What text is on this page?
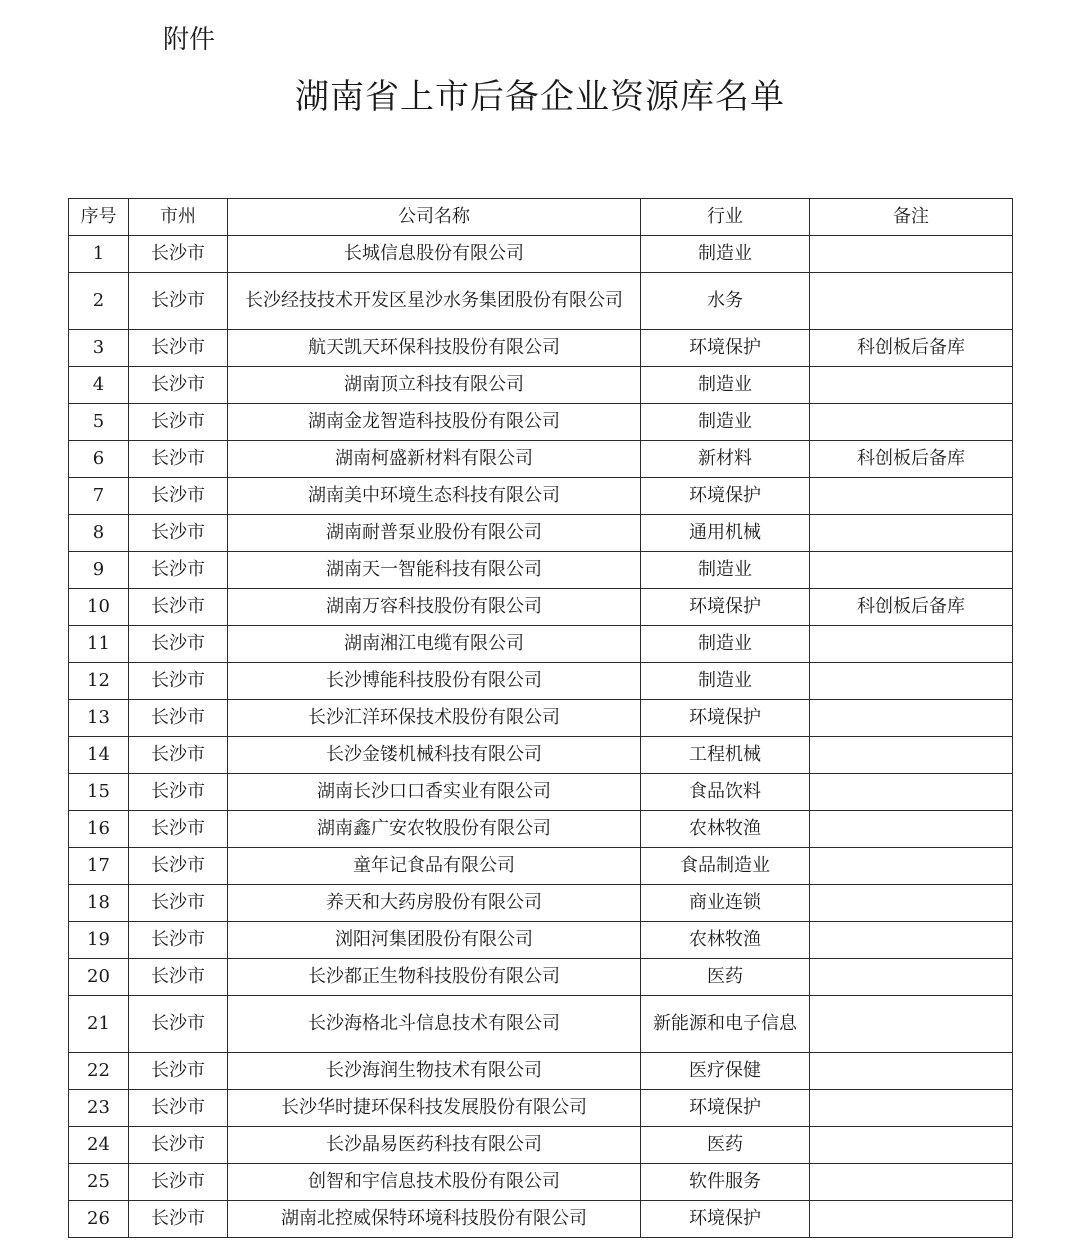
附件
湖南省上市后备企业资源库名单
序号	市州	公司名称	行业	备注
1	长沙市	长城信息股份有限公司	制造业	
2	长沙市	长沙经技技术开发区星沙水务集团股份有限公司	水务	
3	长沙市	航天凯天环保科技股份有限公司	环境保护	科创板后备库
4	长沙市	湖南顶立科技有限公司	制造业	
5	长沙市	湖南金龙智造科技股份有限公司	制造业	
6	长沙市	湖南柯盛新材料有限公司	新材料	科创板后备库
7	长沙市	湖南美中环境生态科技有限公司	环境保护	
8	长沙市	湖南耐普泵业股份有限公司	通用机械	
9	长沙市	湖南天一智能科技有限公司	制造业	
10	长沙市	湖南万容科技股份有限公司	环境保护	科创板后备库
11	长沙市	湖南湘江电缆有限公司	制造业	
12	长沙市	长沙博能科技股份有限公司	制造业	
13	长沙市	长沙汇洋环保技术股份有限公司	环境保护	
14	长沙市	长沙金镂机械科技有限公司	工程机械	
15	长沙市	湖南长沙口口香实业有限公司	食品饮料	
16	长沙市	湖南鑫广安农牧股份有限公司	农林牧渔	
17	长沙市	童年记食品有限公司	食品制造业	
18	长沙市	养天和大药房股份有限公司	商业连锁	
19	长沙市	浏阳河集团股份有限公司	农林牧渔	
20	长沙市	长沙都正生物科技股份有限公司	医药	
21	长沙市	长沙海格北斗信息技术有限公司	新能源和电子信息	
22	长沙市	长沙海润生物技术有限公司	医疗保健	
23	长沙市	长沙华时捷环保科技发展股份有限公司	环境保护	
24	长沙市	长沙晶易医药科技有限公司	医药	
25	长沙市	创智和宇信息技术股份有限公司	软件服务	
26	长沙市	湖南北控威保特环境科技股份有限公司	环境保护	
